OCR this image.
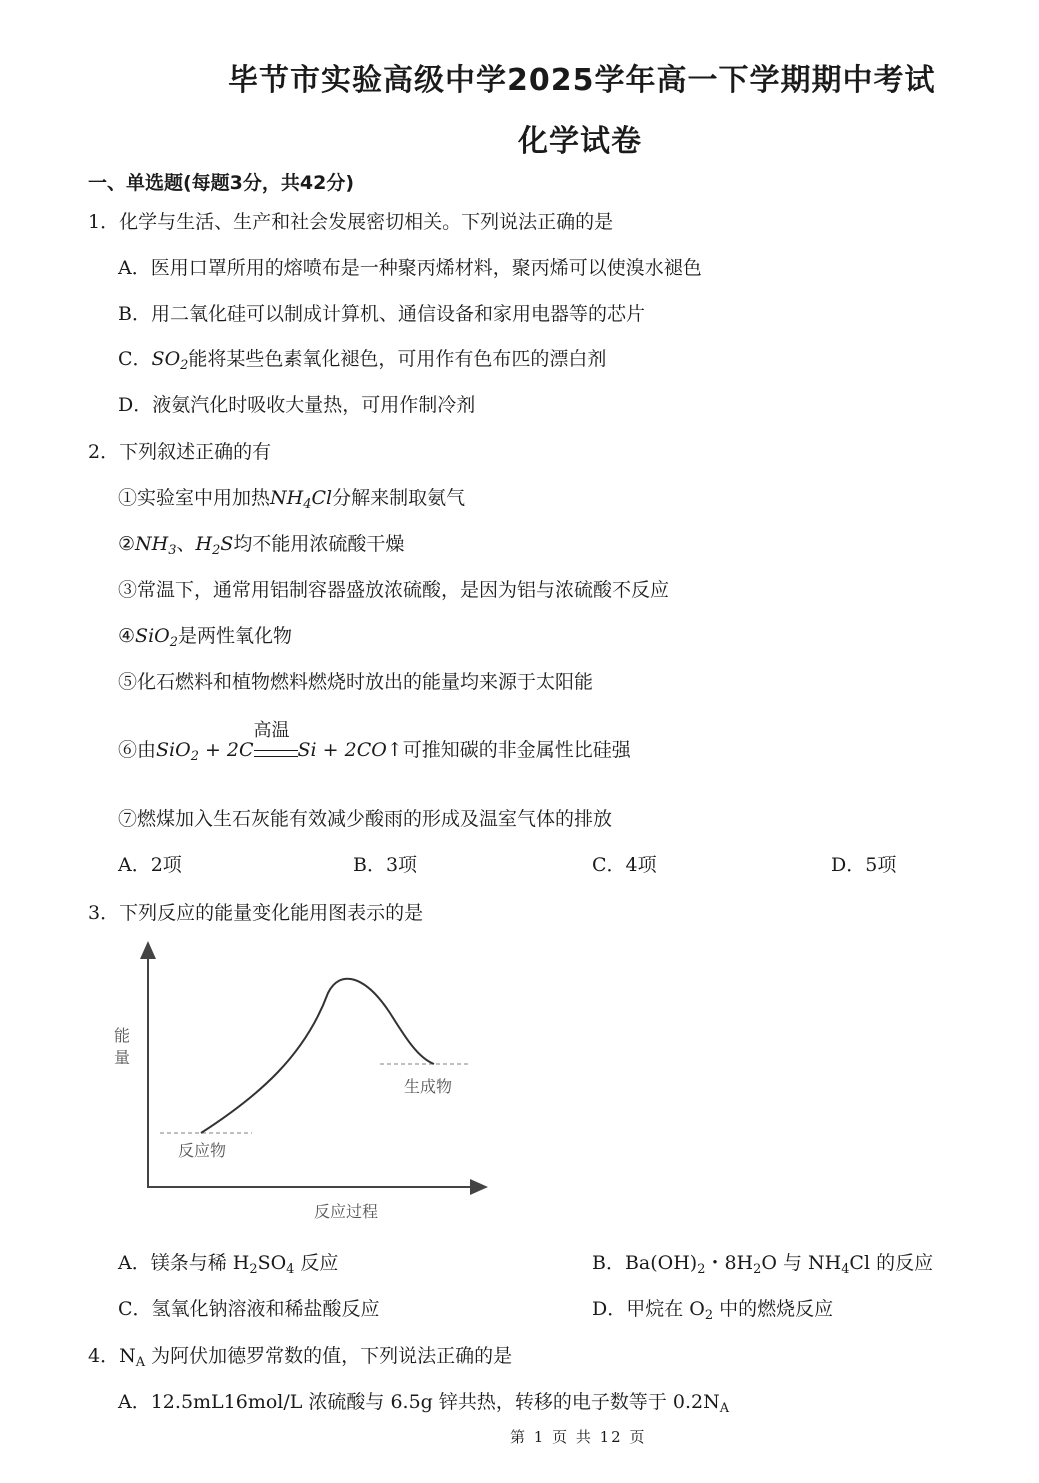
毕节市实验高级中学2025学年高一下学期期中考试
化学试卷
一、单选题(每题3分，共42分)
1．化学与生活、生产和社会发展密切相关。下列说法正确的是
A．医用口罩所用的熔喷布是一种聚丙烯材料，聚丙烯可以使溴水褪色
B．用二氧化硅可以制成计算机、通信设备和家用电器等的芯片
C．$SO_2$能将某些色素氧化褪色，可用作有色布匹的漂白剂
D．液氨汽化时吸收大量热，可用作制冷剂
2．下列叙述正确的有
①实验室中用加热$NH_4Cl$分解来制取氨气
$②NH_3$、$H_2S$均不能用浓硫酸干燥
③常温下，通常用铝制容器盛放浓硫酸，是因为铝与浓硫酸不反应
④SiO$_2$是两性氧化物
⑤化石燃料和植物燃料燃烧时放出的能量均来源于太阳能
⑥由SiO$_2$ + 2C
高温
Si + 2CO↑可推知碳的非金属性比硅强
⑦燃煤加入生石灰能有效减少酸雨的形成及温室气体的排放
A．2项	B．3项	C．4项	D．5项
3．下列反应的能量变化能用图表示的是
能
量
反应物
生成物
反应过程
A．镁条与稀 $H_2SO_4$ 反应	B．$Ba(OH)_2$・$8H_2O$ 与 $NH_4Cl$ 的反应
C．氢氧化钠溶液和稀盐酸反应	D．甲烷在 $O_2$ 中的燃烧反应
4．$N_A$ 为阿伏加德罗常数的值，下列说法正确的是
A．12.5mL16mol/L 浓硫酸与 6.5g 锌共热，转移的电子数等于 $0.2N_A$
第 1 页 共 12 页
